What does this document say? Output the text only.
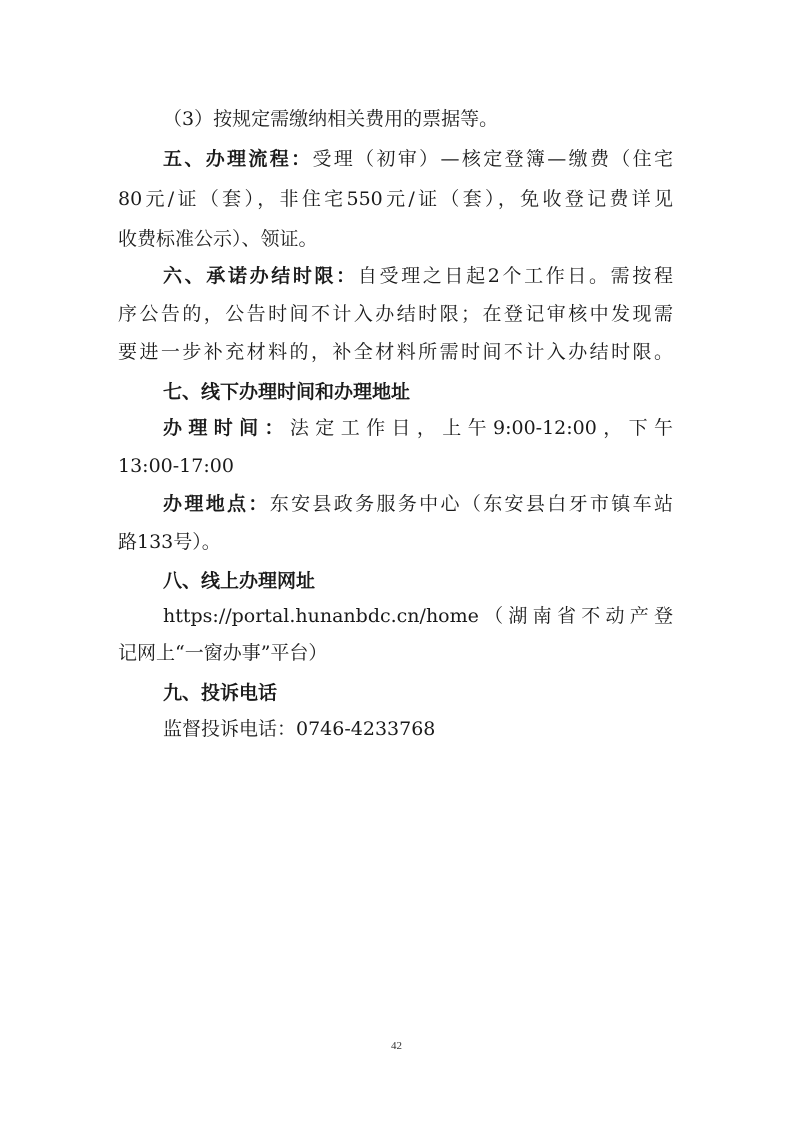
（3）按规定需缴纳相关费用的票据等。
五、办理流程：受理（初审）—核定登簿—缴费（住宅
80元/证（套），非住宅550元/证（套），免收登记费详见
收费标准公示）、领证。
六、承诺办结时限：自受理之日起2个工作日。需按程
序公告的，公告时间不计入办结时限；在登记审核中发现需
要进一步补充材料的，补全材料所需时间不计入办结时限。
七、线下办理时间和办理地址
办理时间：法定工作日，上午9:00-12:00，下午
13:00-17:00
办理地点：东安县政务服务中心（东安县白牙市镇车站
路133号）。
八、线上办理网址
https://portal.hunanbdc.cn/home（湖南省不动产登
记网上“一窗办事”平台）
九、投诉电话
监督投诉电话：0746-4233768
42
